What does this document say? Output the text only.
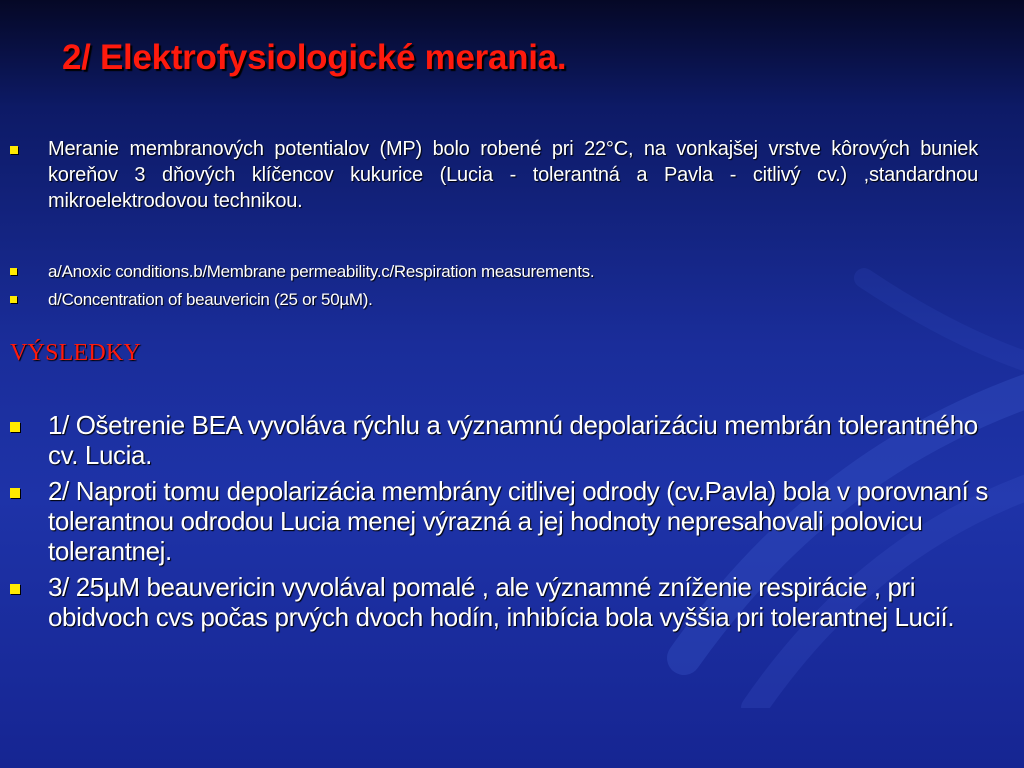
2/ Elektrofysiologické merania.
Meranie membranových potentialov (MP) bolo robené pri 22°C, na vonkajšej vrstve kôrových buniek koreňov 3 dňových klíčencov kukurice (Lucia - tolerantná a Pavla - citlivý cv.) ,standardnou mikroelektrodovou technikou.
a/Anoxic conditions.b/Membrane permeability.c/Respiration measurements.
d/Concentration of beauvericin (25 or 50µM).
VÝSLEDKY
1/ Ošetrenie BEA vyvoláva rýchlu a významnú depolarizáciu membrán tolerantného cv. Lucia.
2/ Naproti tomu depolarizácia membrány citlivej odrody (cv.Pavla) bola v porovnaní s tolerantnou odrodou Lucia menej výrazná a jej hodnoty nepresahovali polovicu tolerantnej.
3/ 25µM beauvericin vyvolával pomalé , ale významné zníženie respirácie , pri obidvoch cvs počas prvých dvoch hodín, inhibícia bola vyššia pri tolerantnej Lucií.
